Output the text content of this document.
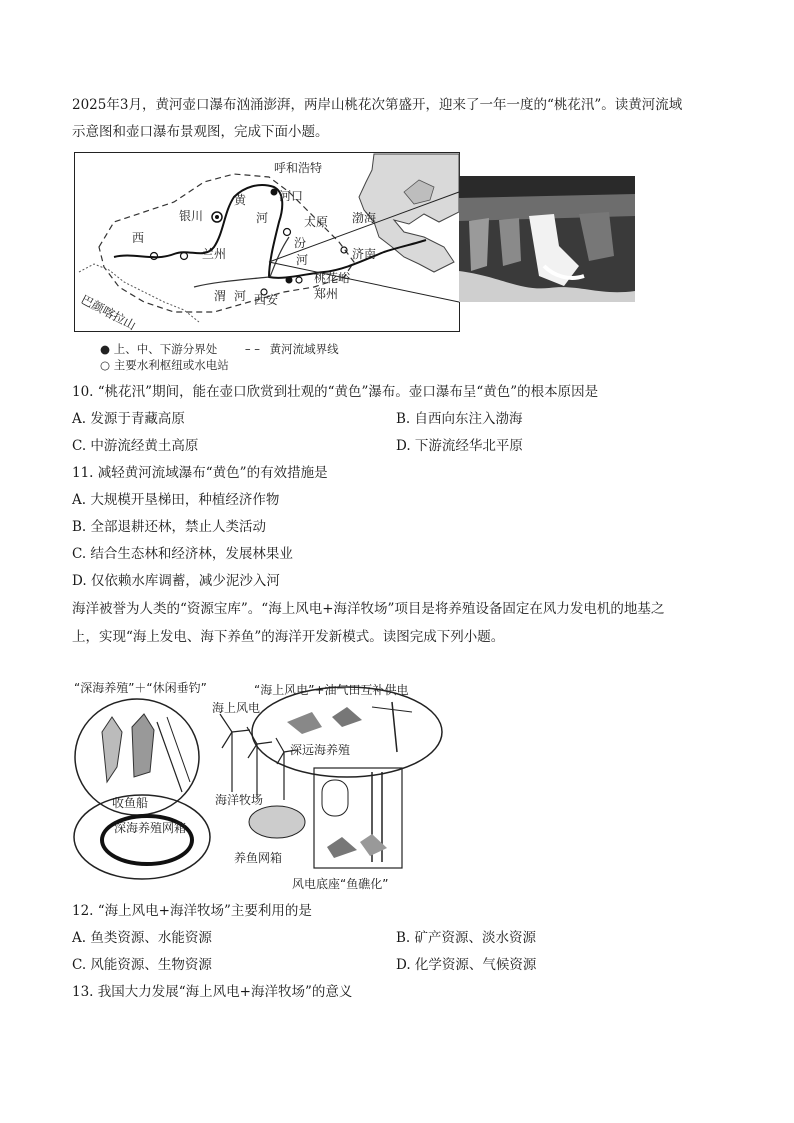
2025年3月，黄河壶口瀑布汹涌澎湃，两岸山桃花次第盛开，迎来了一年一度的“桃花汛”。读黄河流域
示意图和壶口瀑布景观图，完成下面小题。
呼和浩特
河口
银川
黄
河	太原
汾
河
渤海
西
兰州	济南
桃花峪
郑州
渭 河 西安
巴颜喀拉山
● 上、中、下游分界处 – – 黄河流域界线
○ 主要水利枢纽或水电站
10. “桃花汛”期间，能在壶口欣赏到壮观的“黄色”瀑布。壶口瀑布呈“黄色”的根本原因是
A. 发源于青藏高原	B. 自西向东注入渤海
C. 中游流经黄土高原	D. 下游流经华北平原
11. 减轻黄河流域瀑布“黄色”的有效措施是
A. 大规模开垦梯田，种植经济作物
B. 全部退耕还林，禁止人类活动
C. 结合生态林和经济林，发展林果业
D. 仅依赖水库调蓄，减少泥沙入河
海洋被誉为人类的“资源宝库”。“海上风电+海洋牧场”项目是将养殖设备固定在风力发电机的地基之
上，实现“海上发电、海下养鱼”的海洋开发新模式。读图完成下列小题。
“深海养殖”＋“休闲垂钓”	“海上风电”+油气田互补供电
海上风电
深远海养殖
收鱼船
深海养殖网箱
海洋牧场
养鱼网箱
风电底座“鱼礁化”
12. “海上风电+海洋牧场”主要利用的是
A. 鱼类资源、水能资源	B. 矿产资源、淡水资源
C. 风能资源、生物资源	D. 化学资源、气候资源
13. 我国大力发展“海上风电+海洋牧场”的意义
